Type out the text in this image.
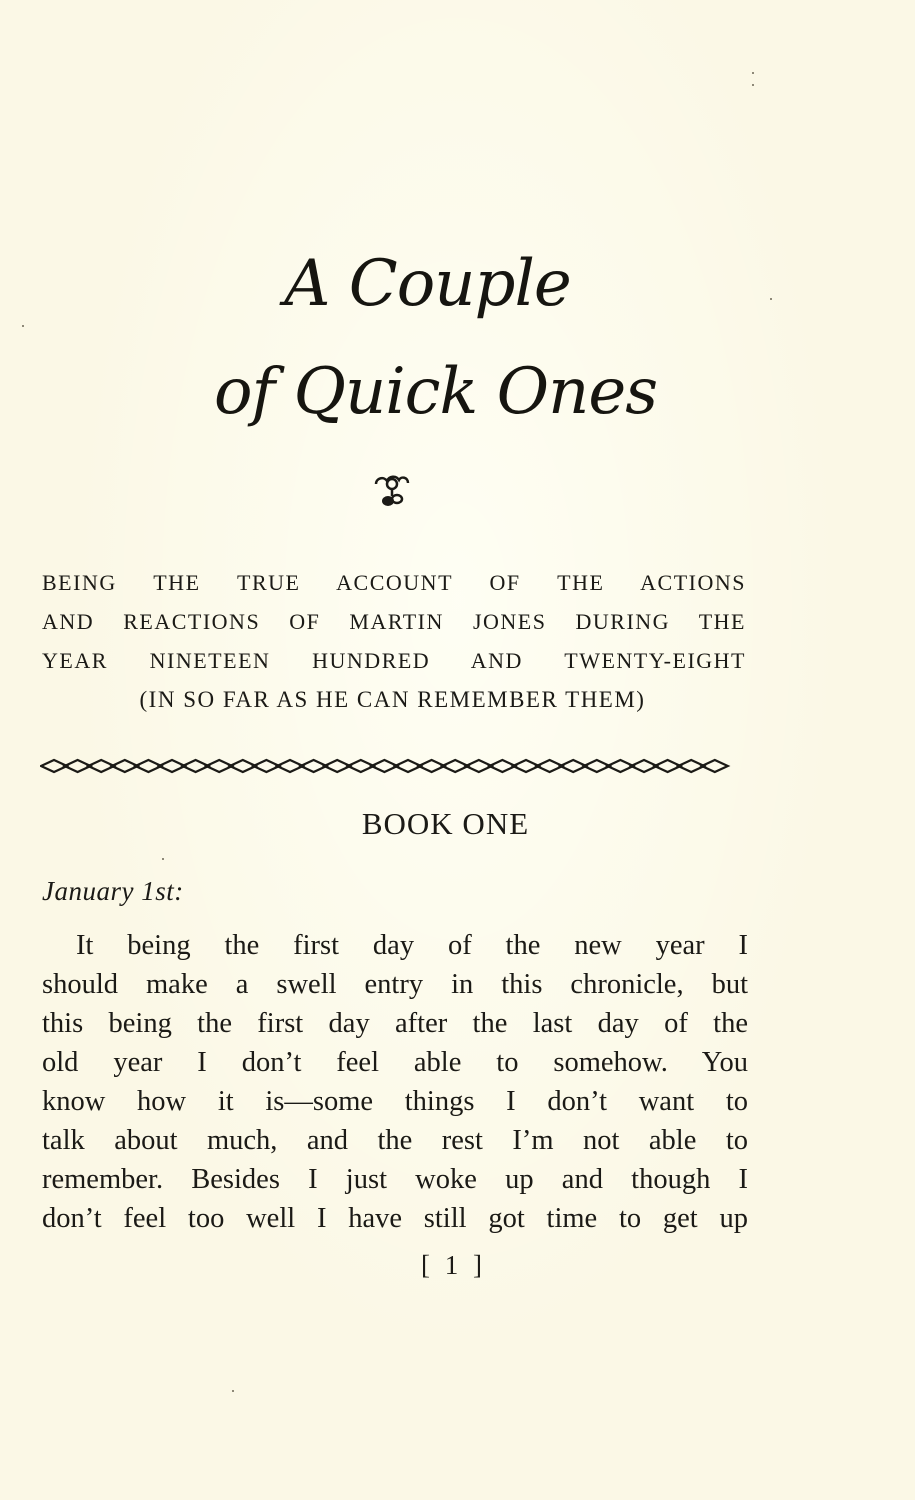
A Couple
of Quick Ones
BEING THE TRUE ACCOUNT OF THE ACTIONS
AND REACTIONS OF MARTIN JONES DURING THE
YEAR NINETEEN HUNDRED AND TWENTY-EIGHT
(IN SO FAR AS HE CAN REMEMBER THEM)
BOOK ONE
January 1st:
It being the first day of the new year I
should make a swell entry in this chronicle, but
this being the first day after the last day of the
old year I don’t feel able to somehow. You
know how it is—some things I don’t want to
talk about much, and the rest I’m not able to
remember. Besides I just woke up and though I
don’t feel too well I have still got time to get up
[ 1 ]
